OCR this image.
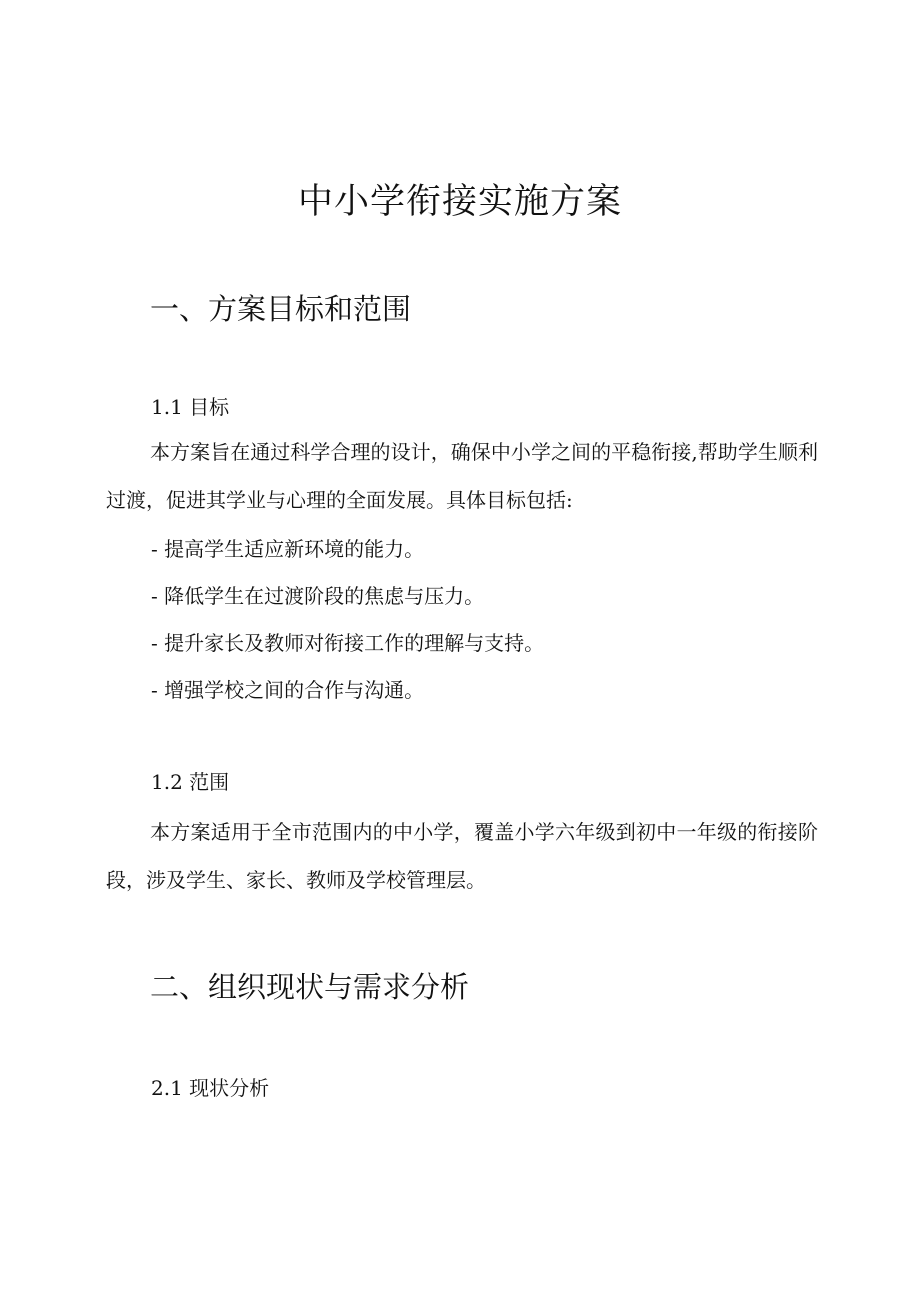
中小学衔接实施方案
一、方案目标和范围
1.1 目标

本方案旨在通过科学合理的设计，确保中小学之间的平稳衔接,帮助学生顺利过渡，促进其学业与心理的全面发展。具体目标包括:

- 提高学生适应新环境的能力。

- 降低学生在过渡阶段的焦虑与压力。

- 提升家长及教师对衔接工作的理解与支持。

- 增强学校之间的合作与沟通。

1.2 范围

本方案适用于全市范围内的中小学，覆盖小学六年级到初中一年级的衔接阶段，涉及学生、家长、教师及学校管理层。

二、组织现状与需求分析
2.1 现状分析
